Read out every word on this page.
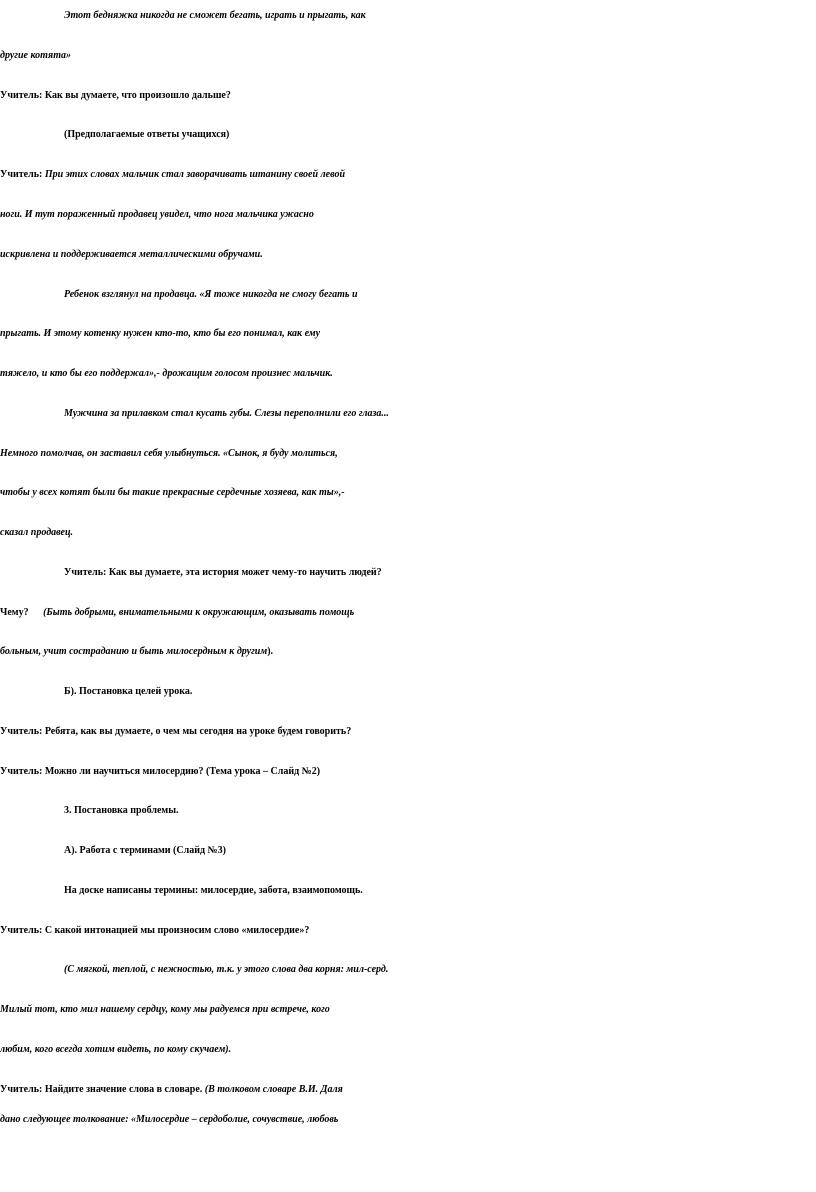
Этот бедняжка никогда не сможет бегать, играть и прыгать, как
другие котята»
Учитель: Как вы думаете, что произошло дальше?
(Предполагаемые ответы учащихся)
Учитель: При этих словах мальчик стал заворачивать штанину своей левой
ноги. И тут пораженный продавец увидел, что нога мальчика ужасно
искривлена и поддерживается металлическими обручами.
Ребенок взглянул на продавца. «Я тоже никогда не смогу бегать и
прыгать. И этому котенку нужен кто-то, кто бы его понимал, как ему
тяжело, и кто бы его поддержал»,- дрожащим голосом произнес мальчик.
Мужчина за прилавком стал кусать губы. Слезы переполнили его глаза...
Немного помолчав, он заставил себя улыбнуться. «Сынок, я буду молиться,
чтобы у всех котят были бы такие прекрасные сердечные хозяева, как ты»,-
сказал продавец.
Учитель: Как вы думаете, эта история может чему-то научить людей?
Чему? (Быть добрыми, внимательными к окружающим, оказывать помощь
больным, учит состраданию и быть милосердным к другим).
Б). Постановка целей урока.
Учитель: Ребята, как вы думаете, о чем мы сегодня на уроке будем говорить?
Учитель: Можно ли научиться милосердию? (Тема урока – Слайд №2)
3. Постановка проблемы.
А). Работа с терминами (Слайд №3)
На доске написаны термины: милосердие, забота, взаимопомощь.
Учитель: С какой интонацией мы произносим слово «милосердие»?
(С мягкой, теплой, с нежностью, т.к. у этого слова два корня: мил-серд.
Милый тот, кто мил нашему сердцу, кому мы радуемся при встрече, кого
любим, кого всегда хотим видеть, по кому скучаем).
Учитель: Найдите значение слова в словаре. (В толковом словаре В.И. Даля
дано следующее толкование: «Милосердие – сердоболие, сочувствие, любовь
